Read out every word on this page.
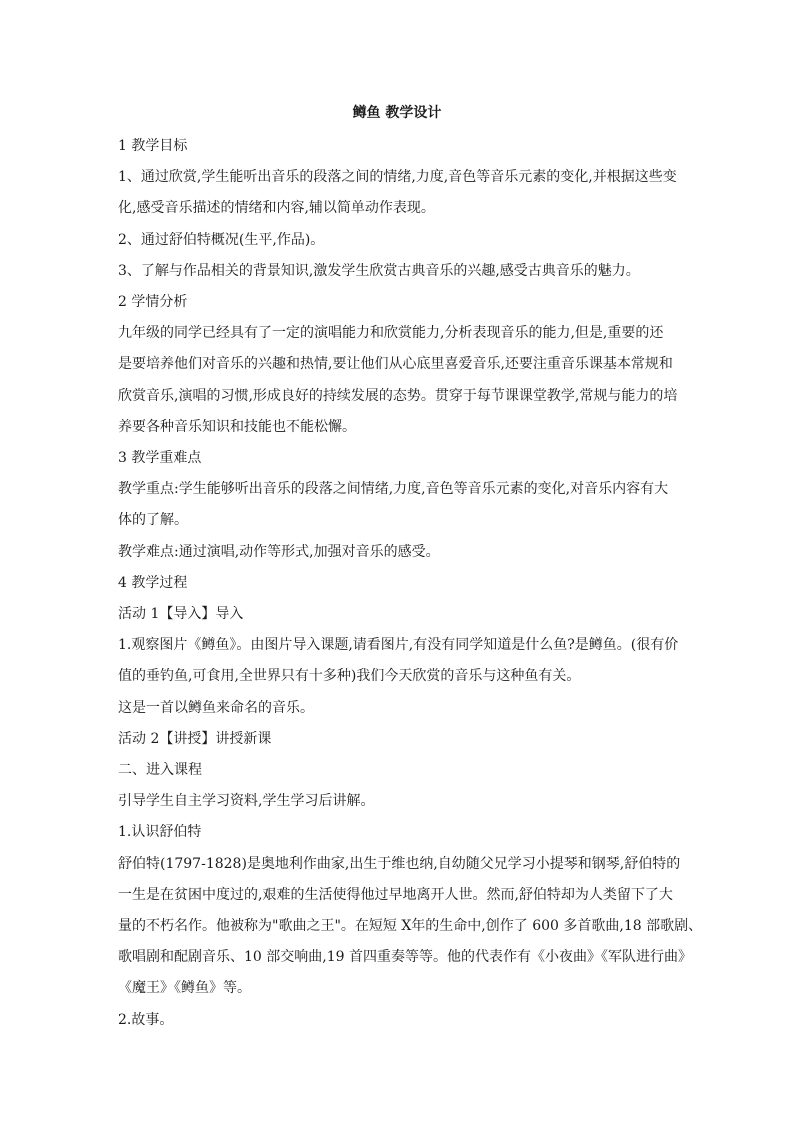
鳟鱼 教学设计

1 教学目标

1、通过欣赏,学生能听出音乐的段落之间的情绪,力度,音色等音乐元素的变化,并根据这些变

化,感受音乐描述的情绪和内容,辅以简单动作表现。

2、通过舒伯特概况(生平,作品)。

3、了解与作品相关的背景知识,激发学生欣赏古典音乐的兴趣,感受古典音乐的魅力。

2 学情分析

九年级的同学已经具有了一定的演唱能力和欣赏能力,分析表现音乐的能力,但是,重要的还

是要培养他们对音乐的兴趣和热情,要让他们从心底里喜爱音乐,还要注重音乐课基本常规和

欣赏音乐,演唱的习惯,形成良好的持续发展的态势。贯穿于每节课课堂教学,常规与能力的培

养要各种音乐知识和技能也不能松懈。

3 教学重难点

教学重点:学生能够听出音乐的段落之间情绪,力度,音色等音乐元素的变化,对音乐内容有大

体的了解。

教学难点:通过演唱,动作等形式,加强对音乐的感受。

4 教学过程

活动 1【导入】导入

1.观察图片《鳟鱼》。由图片导入课题,请看图片,有没有同学知道是什么鱼?是鳟鱼。(很有价

值的垂钓鱼,可食用,全世界只有十多种)我们今天欣赏的音乐与这种鱼有关。

这是一首以鳟鱼来命名的音乐。

活动 2【讲授】讲授新课

二、进入课程

引导学生自主学习资料,学生学习后讲解。

1.认识舒伯特

舒伯特(1797-1828)是奥地利作曲家,出生于维也纳,自幼随父兄学习小提琴和钢琴,舒伯特的

一生是在贫困中度过的,艰难的生活使得他过早地离开人世。然而,舒伯特却为人类留下了大

量的不朽名作。他被称为"歌曲之王"。在短短 X年的生命中,创作了 600 多首歌曲,18 部歌剧、

歌唱剧和配剧音乐、10 部交响曲,19 首四重奏等等。他的代表作有《小夜曲》《军队进行曲》

《魔王》《鳟鱼》等。

2.故事。
